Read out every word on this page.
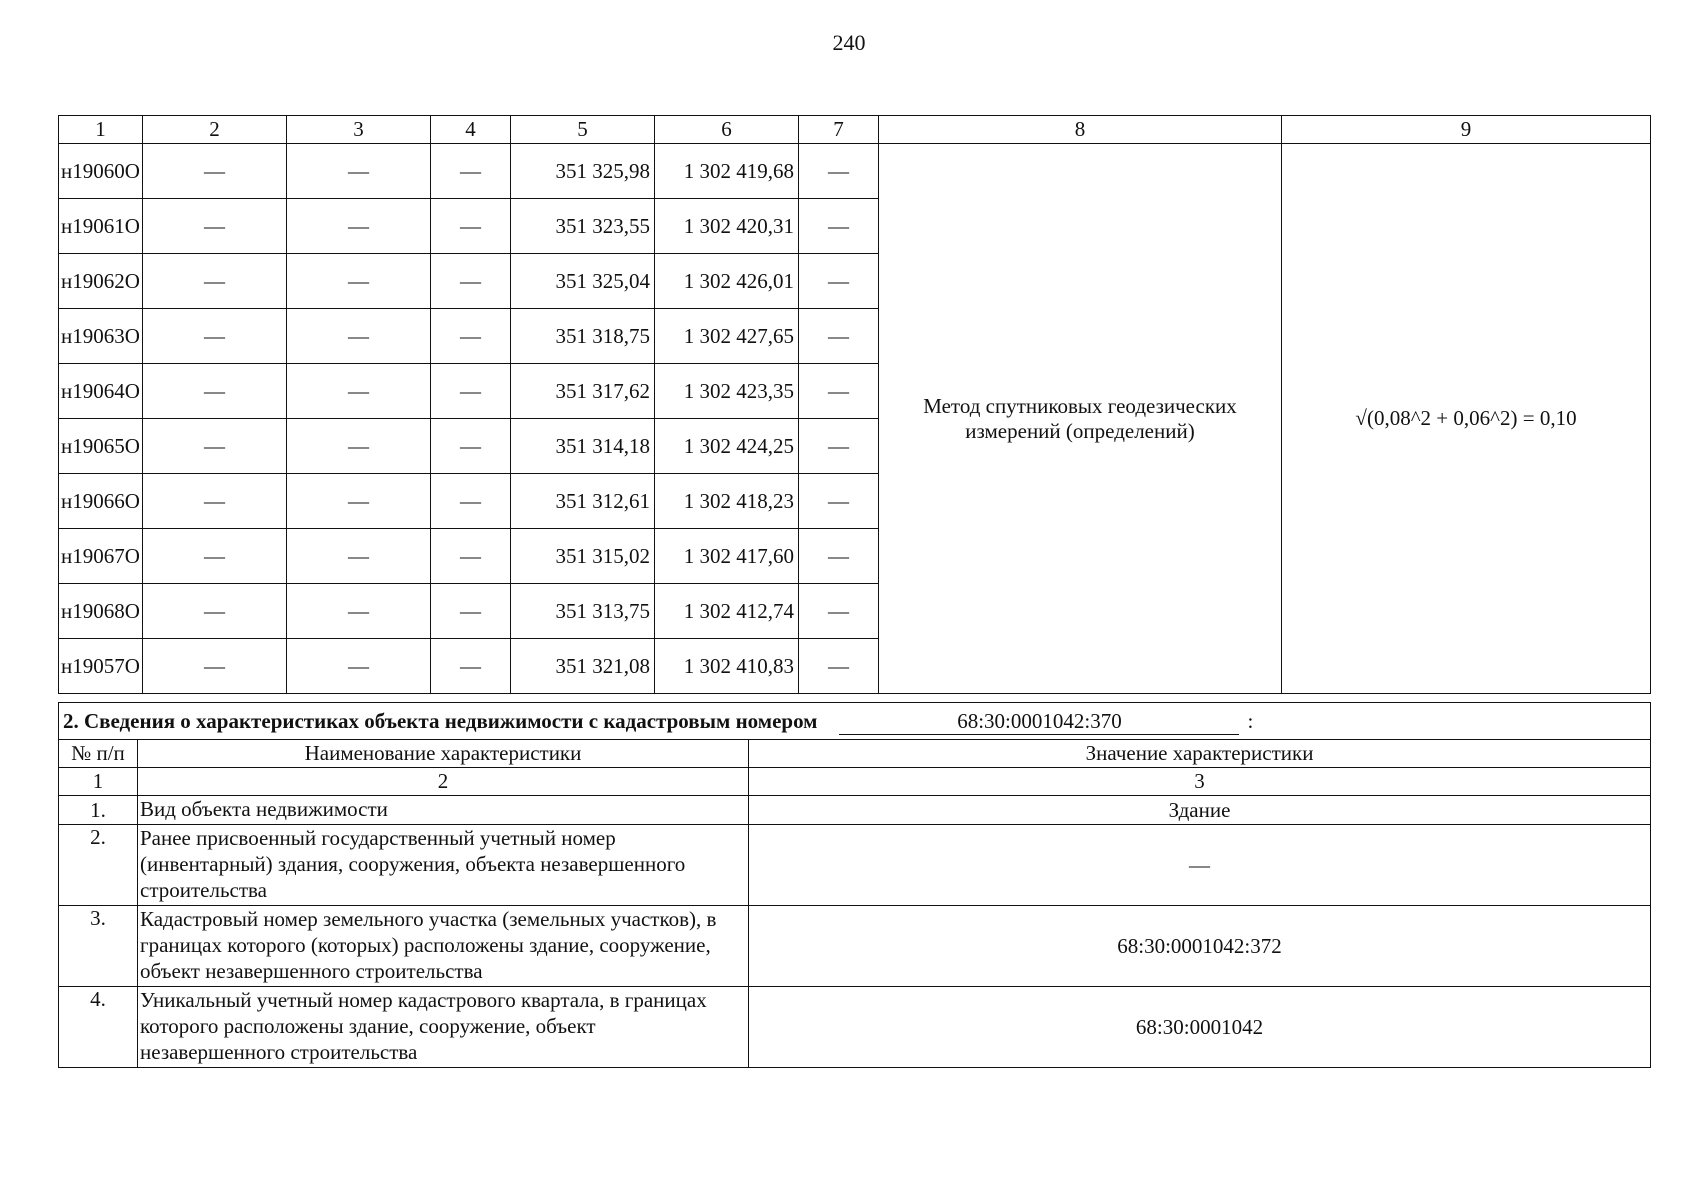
240
1	2	3	4	5	6	7	8	9
н19060О	—	—	—	351 325,98	1 302 419,68	—	Метод спутниковых геодезических измерений (определений)	√(0,08^2 + 0,06^2) = 0,10
н19061О	—	—	—	351 323,55	1 302 420,31	—		
н19062О	—	—	—	351 325,04	1 302 426,01	—		
н19063О	—	—	—	351 318,75	1 302 427,65	—		
н19064О	—	—	—	351 317,62	1 302 423,35	—		
н19065О	—	—	—	351 314,18	1 302 424,25	—		
н19066О	—	—	—	351 312,61	1 302 418,23	—		
н19067О	—	—	—	351 315,02	1 302 417,60	—		
н19068О	—	—	—	351 313,75	1 302 412,74	—		
н19057О	—	—	—	351 321,08	1 302 410,83	—		
2. Сведения о характеристиках объекта недвижимости с кадастровым номером 68:30:0001042:370 :		

№ п/п	Наименование характеристики	Значение характеристики
1	2	3
1.	Вид объекта недвижимости	Здание
2.	Ранее присвоенный государственный учетный номер (инвентарный) здания, сооружения, объекта незавершенного строительства	—
3.	Кадастровый номер земельного участка (земельных участков), в границах которого (которых) расположены здание, сооружение, объект незавершенного строительства	68:30:0001042:372
4.	Уникальный учетный номер кадастрового квартала, в границах которого расположены здание, сооружение, объект незавершенного строительства	68:30:0001042
